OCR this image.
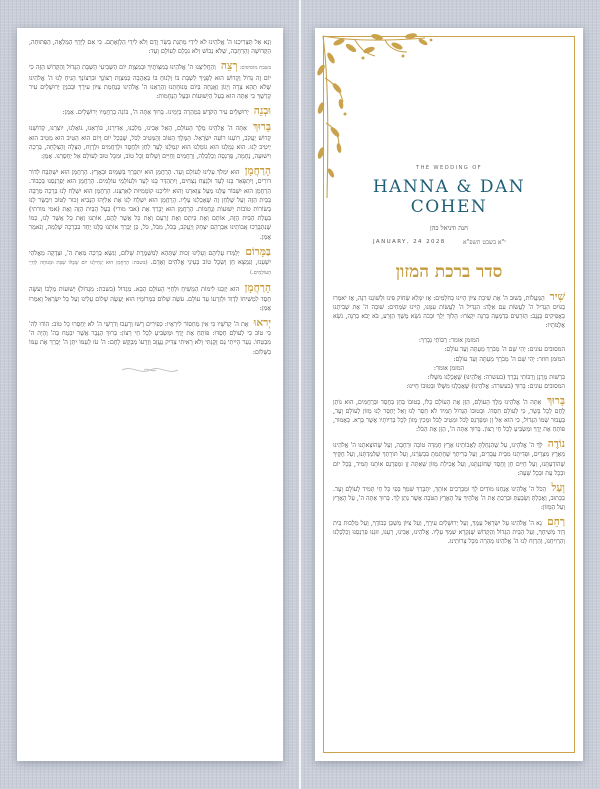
וְנָא אַל תַּצְרִיכֵנוּ ה' אֱלֹהֵינוּ לֹא לִידֵי מַתְּנַת בָּשָׂר וָדָם וְלֹא לִידֵי הַלְוָאָתָם. כִּי אִם לְיָדְךָ הַמְּלֵאָה, הַפְּתוּחָה, הַקְּדוֹשָׁה וְהָרְחָבָה, שֶׁלֹּא נֵבוֹשׁ וְלֹא נִכָּלֵם לְעוֹלָם וָעֶד:

בשבת מוסיפים: רְצֵה וְהַחֲלִיצֵנוּ ה' אֱלֹהֵינוּ בְּמִצְוֹתֶיךָ וּבְמִצְוַת יוֹם הַשְּׁבִיעִי הַשַּׁבָּת הַגָּדוֹל וְהַקָּדוֹשׁ הַזֶּה כִּי יוֹם זֶה גָּדוֹל וְקָדוֹשׁ הוּא לְפָנֶיךָ לִשְׁבָּת בּוֹ וְלָנוּחַ בּוֹ בְּאַהֲבָה כְּמִצְוַת רְצוֹנֶךָ וּבִרְצוֹנְךָ הָנִיחַ לָנוּ ה' אֱלֹהֵינוּ שֶׁלֹּא תְהֵא צָרָה וְיָגוֹן וַאֲנָחָה בְּיוֹם מְנוּחָתֵנוּ וְהַרְאֵנוּ ה' אֱלֹהֵינוּ בְּנֶחָמַת צִיּוֹן עִירֶךָ וּבְבִנְיַן יְרוּשָׁלַיִם עִיר קָדְשֶׁךָ כִּי אַתָּה הוּא בַּעַל הַיְשׁוּעוֹת וּבַעַל הַנֶּחָמוֹת:

וּבְנֵה יְרוּשָׁלַיִם עִיר הַקֹּדֶשׁ בִּמְהֵרָה בְיָמֵינוּ. בָּרוּךְ אַתָּה ה', בּוֹנֵה בְרַחֲמָיו יְרוּשָׁלָיִם. אָמֵן:

בָּרוּךְ אַתָּה ה' אֱלֹהֵינוּ מֶלֶךְ הָעוֹלָם, הָאֵל אָבִינוּ, מַלְכֵּנוּ, אַדִּירֵנוּ, בּוֹרְאֵנוּ, גּוֹאֲלֵנוּ, יוֹצְרֵנוּ, קְדוֹשֵׁנוּ קְדוֹשׁ יַעֲקֹב, רוֹעֵנוּ רוֹעֵה יִשְׂרָאֵל. הַמֶּלֶךְ הַטּוֹב וְהַמֵּטִיב לַכֹּל, שֶׁבְּכָל יוֹם וָיוֹם הוּא הֵטִיב הוּא מֵטִיב הוּא יֵיטִיב לָנוּ. הוּא גְמָלָנוּ הוּא גוֹמְלֵנוּ הוּא יִגְמְלֵנוּ לָעַד לְחֵן וּלְחֶסֶד וּלְרַחֲמִים וּלְרֶוַח, הַצָּלָה וְהַצְלָחָה, בְּרָכָה וִישׁוּעָה, נֶחָמָה, פַּרְנָסָה וְכַלְכָּלָה, וְרַחֲמִים וְחַיִּים וְשָׁלוֹם וְכָל טוֹב, וּמִכָּל טוּב לְעוֹלָם אַל יְחַסְּרֵנוּ. אָמֵן:

הָרַחֲמָן הוּא יִמְלֹךְ עָלֵינוּ לְעוֹלָם וָעֶד. הָרַחֲמָן הוּא יִתְבָּרַךְ בַּשָּׁמַיִם וּבָאָרֶץ. הָרַחֲמָן הוּא יִשְׁתַּבַּח לְדוֹר דּוֹרִים, וְיִתְפָּאַר בָּנוּ לָעַד וּלְנֵצַח נְצָחִים, וְיִתְהַדַּר בָּנוּ לָעַד וּלְעוֹלְמֵי עוֹלָמִים. הָרַחֲמָן הוּא יְפַרְנְסֵנוּ בְּכָבוֹד. הָרַחֲמָן הוּא יִשְׁבּוֹר עֻלֵּנוּ מֵעַל צַוָּארֵנוּ וְהוּא יוֹלִיכֵנוּ קוֹמְמִיּוּת לְאַרְצֵנוּ. הָרַחֲמָן הוּא יִשְׁלַח לָנוּ בְּרָכָה מְרֻבָּה בַּבַּיִת הַזֶּה וְעַל שֻׁלְחָן זֶה שֶׁאָכַלְנוּ עָלָיו. הָרַחֲמָן הוּא יִשְׁלַח לָנוּ אֶת אֵלִיָּהוּ הַנָּבִיא זָכוּר לַטּוֹב וִיבַשֶּׂר לָנוּ בְּשׂוֹרוֹת טוֹבוֹת יְשׁוּעוֹת וְנֶחָמוֹת. הָרַחֲמָן הוּא יְבָרֵךְ אֶת (אבי מורי) בַּעַל הַבַּיִת הַזֶּה וְאֶת (אמי מורתי) בַּעֲלַת הַבַּיִת הַזֶּה, אוֹתָם וְאֶת בֵּיתָם וְאֶת זַרְעָם וְאֶת כָּל אֲשֶׁר לָהֶם, אוֹתָנוּ וְאֶת כָּל אֲשֶׁר לָנוּ, כְּמוֹ שֶׁנִּתְבָּרְכוּ אֲבוֹתֵינוּ אַבְרָהָם יִצְחָק וְיַעֲקֹב, בַּכֹּל, מִכֹּל, כֹּל, כֵּן יְבָרֵךְ אוֹתָנוּ כֻּלָּנוּ יַחַד בִּבְרָכָה שְׁלֵמָה, וְנֹאמַר אָמֵן.

בַּמָּרוֹם יְלַמְּדוּ עֲלֵיהֶם וְעָלֵינוּ זְכוּת שֶׁתְּהֵא לְמִשְׁמֶרֶת שָׁלוֹם, וְנִשָּׂא בְרָכָה מֵאֵת ה', וּצְדָקָה מֵאֱלֹהֵי יִשְׁעֵנוּ, וְנִמְצָא חֵן וְשֵׂכֶל טוֹב בְּעֵינֵי אֱלֹהִים וְאָדָם. (בשבת: הָרַחֲמָן הוּא יַנְחִילֵנוּ יוֹם שֶׁכֻּלּוֹ שַׁבָּת וּמְנוּחָה לְחַיֵּי הָעוֹלָמִים.)

הָרַחֲמָן הוּא יְזַכֵּנוּ לִימוֹת הַמָּשִׁיחַ וּלְחַיֵּי הָעוֹלָם הַבָּא. מִגְדּוֹל (בשבת: מִגְדּוֹל) יְשׁוּעוֹת מַלְכּוֹ וְעֹשֶׂה חֶסֶד לִמְשִׁיחוֹ לְדָוִד וּלְזַרְעוֹ עַד עוֹלָם. עֹשֶׂה שָׁלוֹם בִּמְרוֹמָיו הוּא יַעֲשֶׂה שָׁלוֹם עָלֵינוּ וְעַל כָּל יִשְׂרָאֵל וְאִמְרוּ אָמֵן:

יְראוּ אֶת ה' קְדֹשָׁיו כִּי אֵין מַחְסוֹר לִירֵאָיו: כְּפִירִים רָשׁוּ וְרָעֵבוּ וְדֹרְשֵׁי ה' לֹא יַחְסְרוּ כָל טוֹב: הוֹדוּ לַה' כִּי טוֹב כִּי לְעוֹלָם חַסְדּוֹ: פּוֹתֵחַ אֶת יָדֶךָ וּמַשְׂבִּיעַ לְכָל חַי רָצוֹן: בָּרוּךְ הַגֶּבֶר אֲשֶׁר יִבְטַח בַּה' וְהָיָה ה' מִבְטַחוֹ. נַעַר הָיִיתִי גַּם זָקַנְתִּי וְלֹא רָאִיתִי צַדִּיק נֶעֱזָב וְזַרְעוֹ מְבַקֶּשׁ לָחֶם: ה' עֹז לְעַמּוֹ יִתֵּן ה' יְבָרֵךְ אֶת עַמּוֹ בַשָּׁלוֹם:

THE WEDDING OF
HANNA & DAN
COHEN
חנה ודניאל כהן
JANUARY, 24 2028	י"א בשבט תשפ"א
סדר ברכת המזון

שִׁיר הַמַּעֲלוֹת, בְּשׁוּב ה' אֶת שִׁיבַת צִיּוֹן הָיִינוּ כְּחֹלְמִים: אָז יִמָּלֵא שְׂחוֹק פִּינוּ וּלְשׁוֹנֵנוּ רִנָּה, אָז יֹאמְרוּ בַגּוֹיִם הִגְדִּיל ה' לַעֲשׂוֹת עִם אֵלֶּה: הִגְדִּיל ה' לַעֲשׂוֹת עִמָּנוּ, הָיִינוּ שְׂמֵחִים: שׁוּבָה ה' אֶת שְׁבִיתֵנוּ כַּאֲפִיקִים בַּנֶּגֶב: הַזֹּרְעִים בְּדִמְעָה בְּרִנָּה יִקְצֹרוּ: הָלוֹךְ יֵלֵךְ וּבָכֹה נֹשֵׂא מֶשֶׁךְ הַזָּרַע, בֹּא יָבֹא בְרִנָּה, נֹשֵׂא אֲלֻמֹּתָיו:

המזמן אומר: רַבּוֹתַי נְבָרֵךְ:
המסובים עונים: יְהִי שֵׁם ה' מְבֹרָךְ מֵעַתָּה וְעַד עוֹלָם:
המזמן חוזר: יְהִי שֵׁם ה' מְבֹרָךְ מֵעַתָּה וְעַד עוֹלָם:
המזמן אומר:
בִּרְשׁוּת מָרָנָן וְרַבּוֹתַי נְבָרֵךְ (בעשרה: אֱלֹהֵינוּ) שֶׁאָכַלְנוּ מִשֶּׁלּוֹ:
המסובים עונים: בָּרוּךְ (בעשרה: אֱלֹהֵינוּ) שֶׁאָכַלְנוּ מִשֶּׁלּוֹ וּבְטוּבוֹ חָיִינוּ:

בָּרוּךְ אַתָּה ה' אֱלֹהֵינוּ מֶלֶךְ הָעוֹלָם, הַזָּן אֶת הָעוֹלָם כֻּלּוֹ, בְּטוּבוֹ בְּחֵן בְּחֶסֶד וּבְרַחֲמִים, הוּא נוֹתֵן לֶחֶם לְכָל בָּשָׂר, כִּי לְעוֹלָם חַסְדּוֹ. וּבְטוּבוֹ הַגָּדוֹל תָּמִיד לֹא חָסַר לָנוּ וְאַל יֶחְסַר לָנוּ מָזוֹן לְעוֹלָם וָעֶד, בַּעֲבוּר שְׁמוֹ הַגָּדוֹל, כִּי הוּא אֵל זָן וּמְפַרְנֵס לַכֹּל וּמֵטִיב לַכֹּל וּמֵכִין מָזוֹן לְכָל בְּרִיּוֹתָיו אֲשֶׁר בָּרָא. כָּאָמוּר, פּוֹתֵחַ אֶת יָדֶךָ וּמַשְׂבִּיעַ לְכָל חַי רָצוֹן. בָּרוּךְ אַתָּה ה', הַזָּן אֶת הַכֹּל:

נוֹדֶה לְּךָ ה' אֱלֹהֵינוּ, עַל שֶׁהִנְחַלְתָּ לַאֲבוֹתֵינוּ אֶרֶץ חֶמְדָּה טוֹבָה וּרְחָבָה, וְעַל שֶׁהוֹצֵאתָנוּ ה' אֱלֹהֵינוּ מֵאֶרֶץ מִצְרַיִם, וּפְדִיתָנוּ מִבֵּית עֲבָדִים, וְעַל בְּרִיתְךָ שֶׁחָתַמְתָּ בִּבְשָׂרֵנוּ, וְעַל תּוֹרָתְךָ שֶׁלִּמַּדְתָּנוּ, וְעַל חֻקֶּיךָ שֶׁהוֹדַעְתָּנוּ, וְעַל חַיִּים חֵן וָחֶסֶד שֶׁחוֹנַנְתָּנוּ, וְעַל אֲכִילַת מָזוֹן שָׁאַתָּה זָן וּמְפַרְנֵס אוֹתָנוּ תָּמִיד, בְּכָל יוֹם וּבְכָל עֵת וּבְכָל שָׁעָה:

וְעַל הַכֹּל ה' אֱלֹהֵינוּ אֲנַחְנוּ מוֹדִים לָךְ וּמְבָרְכִים אוֹתָךְ, יִתְבָּרַךְ שִׁמְךָ בְּפִי כָּל חַי תָּמִיד לְעוֹלָם וָעֶד. כַּכָּתוּב, וְאָכַלְתָּ וְשָׂבָעְתָּ וּבֵרַכְתָּ אֶת ה' אֱלֹהֶיךָ עַל הָאָרֶץ הַטֹּבָה אֲשֶׁר נָתַן לָךְ. בָּרוּךְ אַתָּה ה', עַל הָאָרֶץ וְעַל הַמָּזוֹן:

רַחֵם נָא ה' אֱלֹהֵינוּ עַל יִשְׂרָאֵל עַמֶּךָ, וְעַל יְרוּשָׁלַיִם עִירֶךָ, וְעַל צִיּוֹן מִשְׁכַּן כְּבוֹדֶךָ, וְעַל מַלְכוּת בֵּית דָּוִד מְשִׁיחֶךָ, וְעַל הַבַּיִת הַגָּדוֹל וְהַקָּדוֹשׁ שֶׁנִּקְרָא שִׁמְךָ עָלָיו. אֱלֹהֵינוּ, אָבִינוּ, רְעֵנוּ, זוּנֵנוּ פַּרְנְסֵנוּ וְכַלְכְּלֵנוּ וְהַרְוִיחֵנוּ, וְהַרְוַח לָנוּ ה' אֱלֹהֵינוּ מְהֵרָה מִכָּל צָרוֹתֵינוּ.
